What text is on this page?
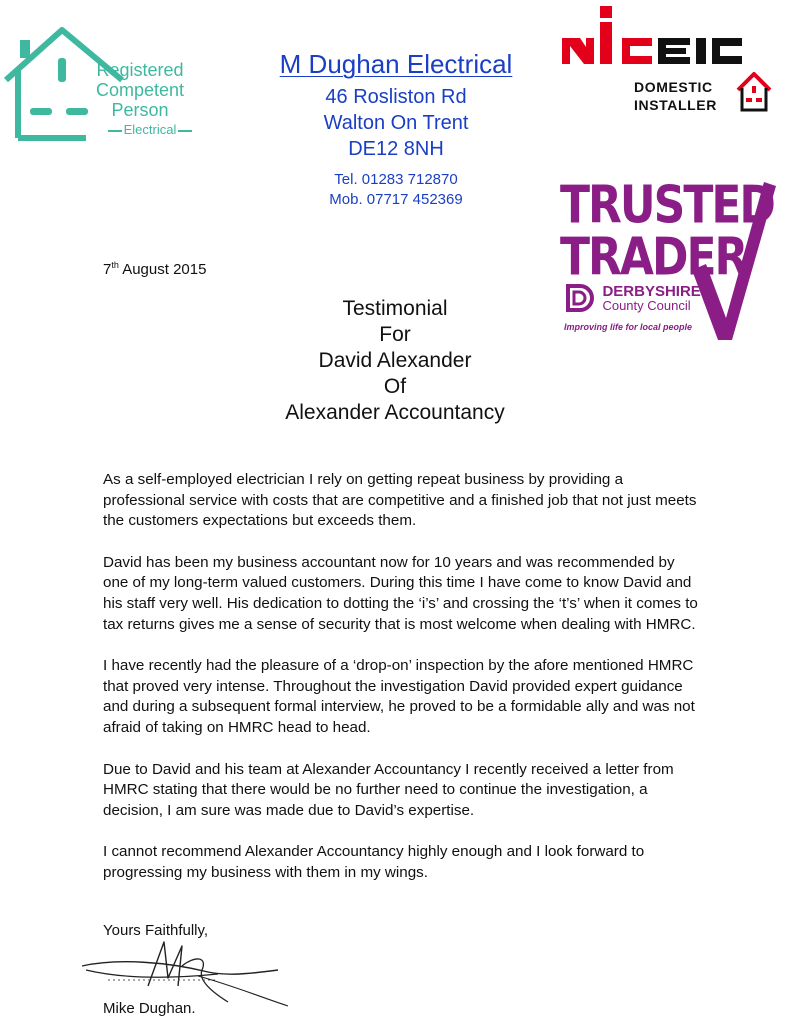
Registered
Competent
Person
Electrical
M Dughan Electrical
46 Rosliston Rd
Walton On Trent
DE12 8NH
Tel. 01283 712870
Mob. 07717 452369
DOMESTIC
INSTALLER
TRUSTED
TRADER

DERBYSHIRE
County Council
Improving life for local people
7th August 2015
Testimonial
For
David Alexander
Of
Alexander Accountancy

As a self-employed electrician I rely on getting repeat business by providing a professional service with costs that are competitive and a finished job that not just meets the customers expectations but exceeds them.

David has been my business accountant now for 10 years and was recommended by one of my long-term valued customers. During this time I have come to know David and his staff very well. His dedication to dotting the ‘i’s’ and crossing the ‘t’s’ when it comes to tax returns gives me a sense of security that is most welcome when dealing with HMRC.

I have recently had the pleasure of a ‘drop-on’ inspection by the afore mentioned HMRC that proved very intense. Throughout the investigation David provided expert guidance and during a subsequent formal interview, he proved to be a formidable ally and was not afraid of taking on HMRC head to head.

Due to David and his team at Alexander Accountancy I recently received a letter from HMRC stating that there would be no further need to continue the investigation, a decision, I am sure was made due to David’s expertise.

I cannot recommend Alexander Accountancy highly enough and I look forward to progressing my business with them in my wings.

Yours Faithfully,
Mike Dughan.
